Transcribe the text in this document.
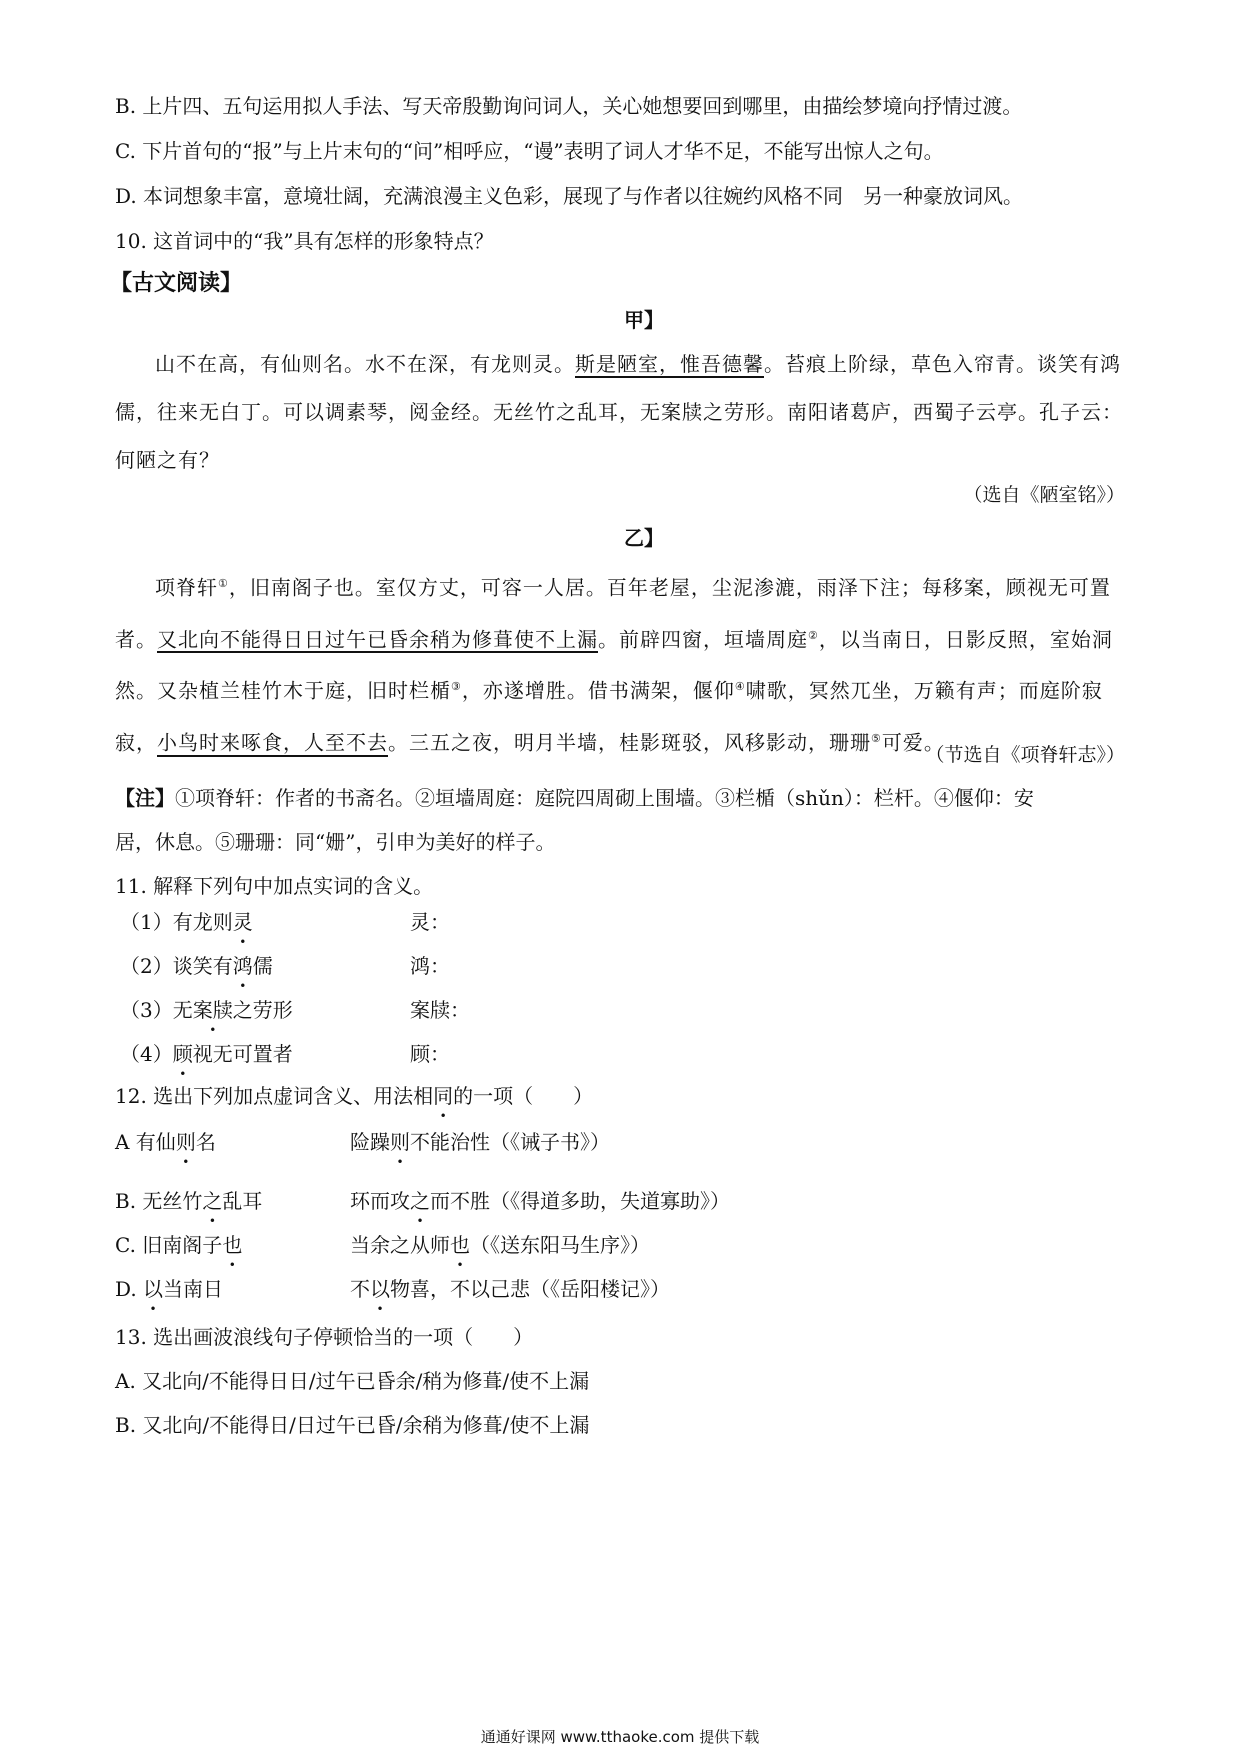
B. 上片四、五句运用拟人手法、写天帝殷勤询问词人，关心她想要回到哪里，由描绘梦境向抒情过渡。
C. 下片首句的“报”与上片末句的“问”相呼应，“谩”表明了词人才华不足，不能写出惊人之句。
D. 本词想象丰富，意境壮阔，充满浪漫主义色彩，展现了与作者以往婉约风格不同　另一种豪放词风。
10. 这首词中的“我”具有怎样的形象特点？
【古文阅读】
甲】
山不在高，有仙则名。水不在深，有龙则灵。斯是陋室，惟吾德馨。苔痕上阶绿，草色入帘青。谈笑有鸿儒，往来无白丁。可以调素琴，阅金经。无丝竹之乱耳，无案牍之劳形。南阳诸葛庐，西蜀子云亭。孔子云：何陋之有？
（选自《陋室铭》）
乙】
项脊轩①，旧南阁子也。室仅方丈，可容一人居。百年老屋，尘泥渗漉，雨泽下注；每移案，顾视无可置者。又北向不能得日日过午已昏余稍为修葺使不上漏。前辟四窗，垣墙周庭②，以当南日，日影反照，室始洞然。又杂植兰桂竹木于庭，旧时栏楯③，亦遂增胜。借书满架，偃仰④啸歌，冥然兀坐，万籁有声；而庭阶寂寂，小鸟时来啄食，人至不去。三五之夜，明月半墙，桂影斑驳，风移影动，珊珊⑤可爱。
（节选自《项脊轩志》）
【注】①项脊轩：作者的书斋名。②垣墙周庭：庭院四周砌上围墙。③栏楯（shǔn）：栏杆。④偃仰：安
居，休息。⑤珊珊：同“姗”，引申为美好的样子。
11. 解释下列句中加点实词的含义。
（1）有龙则灵	灵：
（2）谈笑有鸿儒	鸿：
（3）无案牍之劳形	案牍：
（4）顾视无可置者	顾：
12. 选出下列加点虚词含义、用法相同的一项（　　）
A 有仙则名	险躁则不能治性（《诫子书》）
B. 无丝竹之乱耳	环而攻之而不胜（《得道多助，失道寡助》）
C. 旧南阁子也	当余之从师也（《送东阳马生序》）
D. 以当南日	不以物喜，不以己悲（《岳阳楼记》）
13. 选出画波浪线句子停顿恰当的一项（　　）
A. 又北向/不能得日日/过午已昏余/稍为修葺/使不上漏
B. 又北向/不能得日/日过午已昏/余稍为修葺/使不上漏
通通好课网 www.tthaoke.com 提供下载
